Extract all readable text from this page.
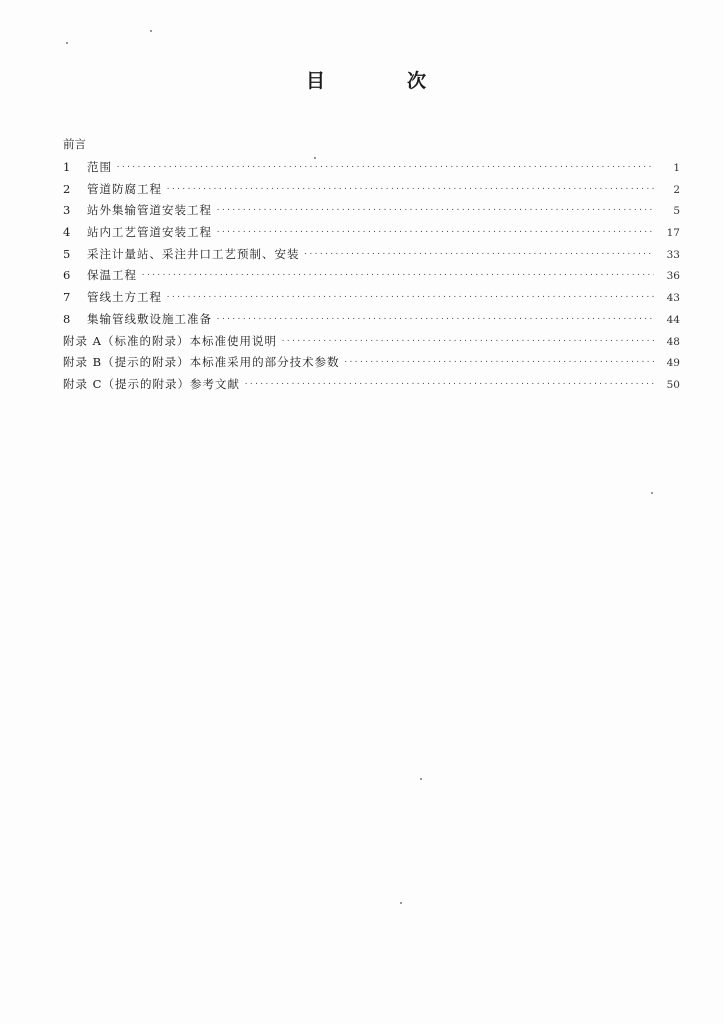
目	次
前言
1	范围 ·····	1
2	管道防腐工程 ·····	2
3	站外集输管道安装工程 ·····	5
4	站内工艺管道安装工程 ·····	17
5	采注计量站、采注井口工艺预制、安装 ·····	33
6	保温工程 ·····	36
7	管线土方工程 ·····	43
8	集输管线敷设施工准备 ·····	44
附录 A（标准的附录）本标准使用说明 ·····	48
附录 B（提示的附录）本标准采用的部分技术参数 ·····	49
附录 C（提示的附录）参考文献 ·····	50
